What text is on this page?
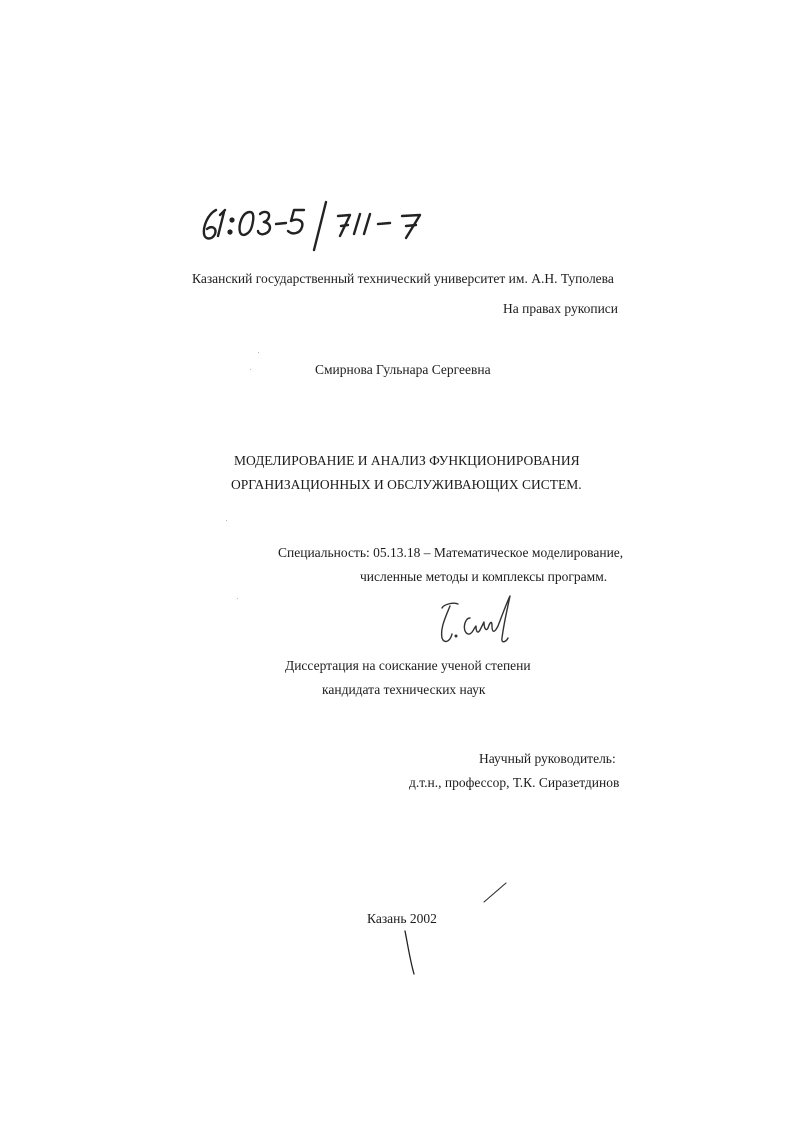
Казанский государственный технический университет им. А.Н. Туполева
На правах рукописи
Смирнова Гульнара Сергеевна
МОДЕЛИРОВАНИЕ И АНАЛИЗ ФУНКЦИОНИРОВАНИЯ
ОРГАНИЗАЦИОННЫХ И ОБСЛУЖИВАЮЩИХ СИСТЕМ.
Специальность: 05.13.18 – Математическое моделирование,
численные методы и комплексы программ.
Диссертация на соискание ученой степени
кандидата технических наук
Научный руководитель:
д.т.н., профессор, Т.К. Сиразетдинов
Казань 2002
